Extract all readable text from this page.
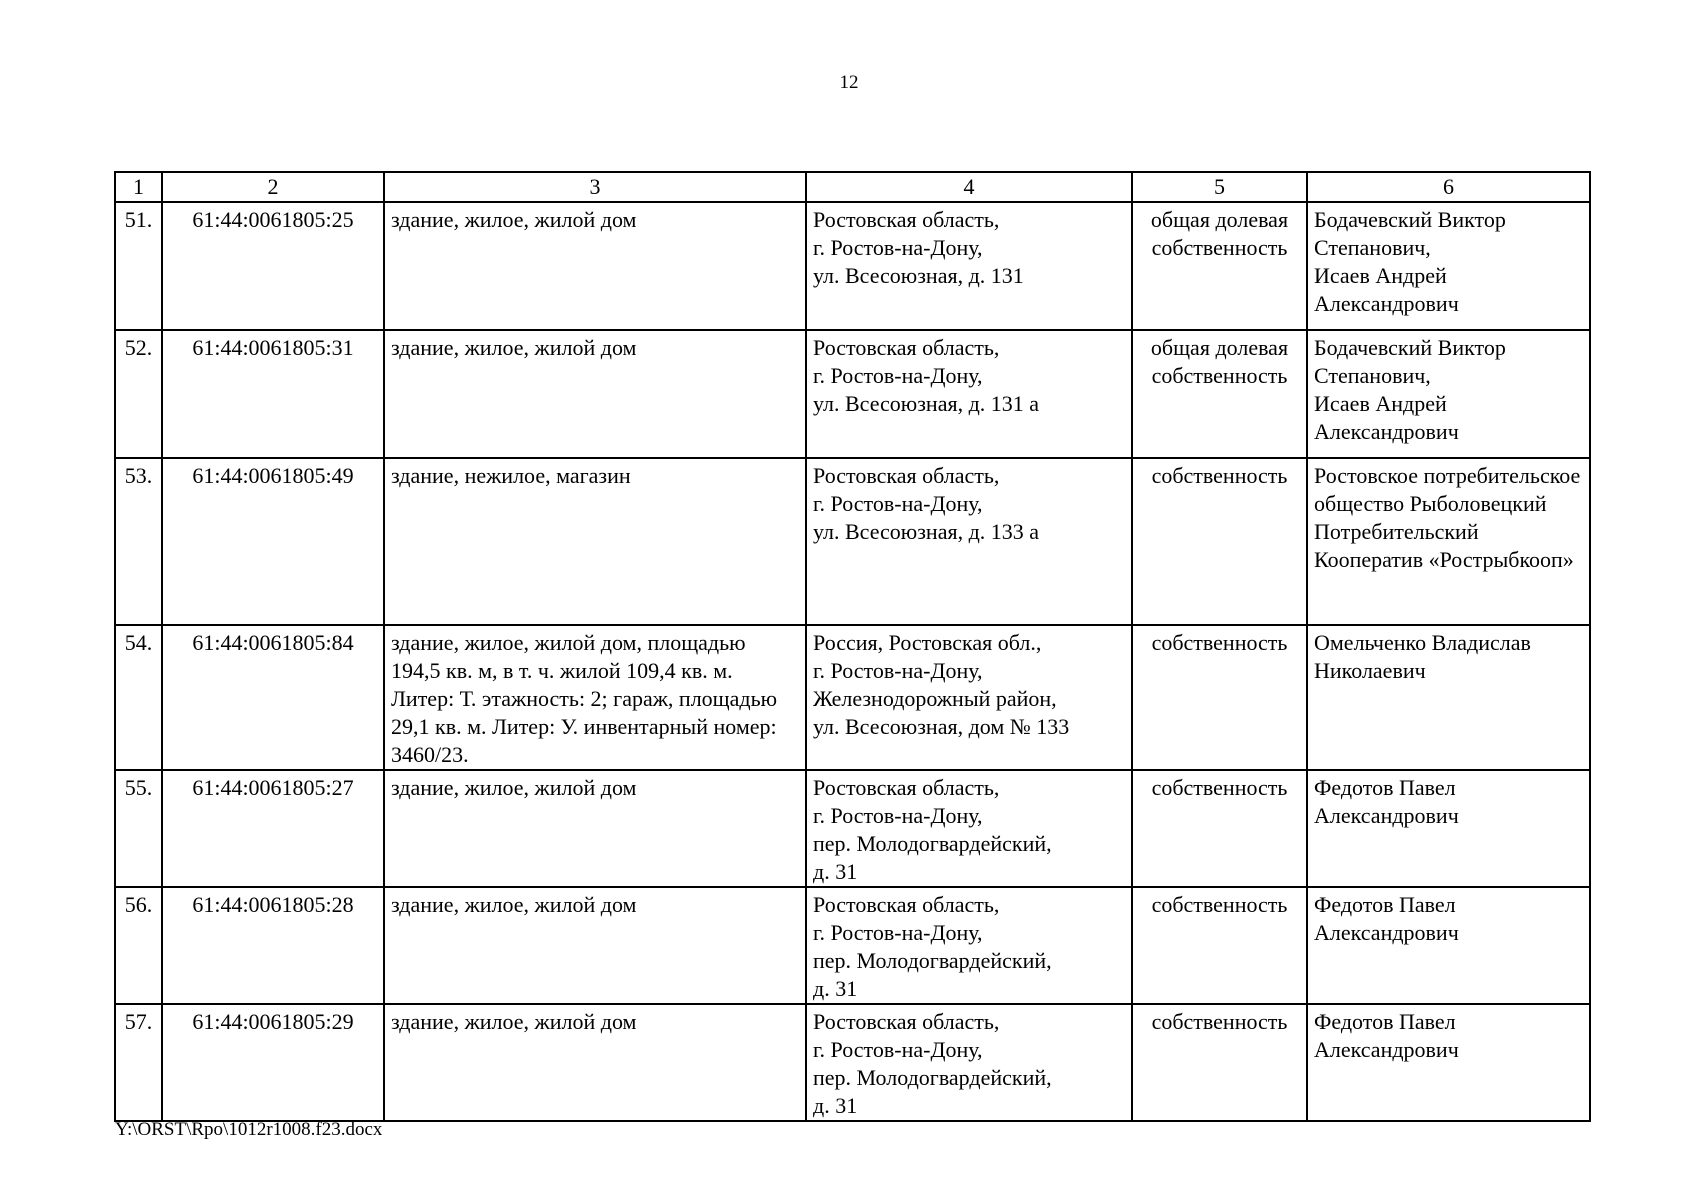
12
1	2	3	4	5	6
51.	61:44:0061805:25	здание, жилое, жилой дом	Ростовская область,
г. Ростов-на-Дону,
ул. Всесоюзная, д. 131	общая долевая собственность	Бодачевский Виктор Степанович,
Исаев Андрей Александрович
52.	61:44:0061805:31	здание, жилое, жилой дом	Ростовская область,
г. Ростов-на-Дону,
ул. Всесоюзная, д. 131 а	общая долевая собственность	Бодачевский Виктор Степанович,
Исаев Андрей Александрович
53.	61:44:0061805:49	здание, нежилое, магазин	Ростовская область,
г. Ростов-на-Дону,
ул. Всесоюзная, д. 133 а	собственность	Ростовское потребительское общество Рыболовецкий Потребительский Кооператив «Рострыбкооп»
54.	61:44:0061805:84	здание, жилое, жилой дом, площадью 194,5 кв. м, в т. ч. жилой 109,4 кв. м. Литер: Т. этажность: 2; гараж, площадью 29,1 кв. м. Литер: У. инвентарный номер: 3460/23.	Россия, Ростовская обл.,
г. Ростов-на-Дону,
Железнодорожный район,
ул. Всесоюзная, дом № 133	собственность	Омельченко Владислав Николаевич
55.	61:44:0061805:27	здание, жилое, жилой дом	Ростовская область,
г. Ростов-на-Дону,
пер. Молодогвардейский,
д. 31	собственность	Федотов Павел Александрович
56.	61:44:0061805:28	здание, жилое, жилой дом	Ростовская область,
г. Ростов-на-Дону,
пер. Молодогвардейский,
д. 31	собственность	Федотов Павел Александрович
57.	61:44:0061805:29	здание, жилое, жилой дом	Ростовская область,
г. Ростов-на-Дону,
пер. Молодогвардейский,
д. 31	собственность	Федотов Павел Александрович
Y:\ORST\Rpo\1012r1008.f23.docx
